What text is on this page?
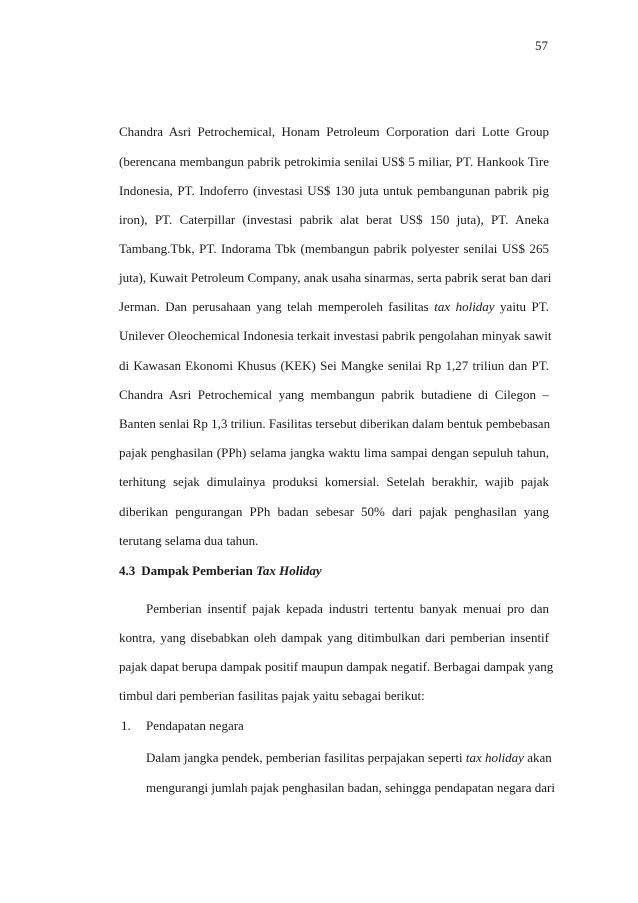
57
Chandra Asri Petrochemical, Honam Petroleum Corporation dari Lotte Group
(berencana membangun pabrik petrokimia senilai US$ 5 miliar, PT. Hankook Tire
Indonesia, PT. Indoferro (investasi US$ 130 juta untuk pembangunan pabrik pig
iron), PT. Caterpillar (investasi pabrik alat berat US$ 150 juta), PT. Aneka
Tambang.Tbk, PT. Indorama Tbk (membangun pabrik polyester senilai US$ 265
juta), Kuwait Petroleum Company, anak usaha sinarmas, serta pabrik serat ban dari
Jerman. Dan perusahaan yang telah memperoleh fasilitas tax holiday yaitu PT.
Unilever Oleochemical Indonesia terkait investasi pabrik pengolahan minyak sawit
di Kawasan Ekonomi Khusus (KEK) Sei Mangke senilai Rp 1,27 triliun dan PT.
Chandra Asri Petrochemical yang membangun pabrik butadiene di Cilegon –
Banten senlai Rp 1,3 triliun. Fasilitas tersebut diberikan dalam bentuk pembebasan
pajak penghasilan (PPh) selama jangka waktu lima sampai dengan sepuluh tahun,
terhitung sejak dimulainya produksi komersial. Setelah berakhir, wajib pajak
diberikan pengurangan PPh badan sebesar 50% dari pajak penghasilan yang
terutang selama dua tahun.
4.3 Dampak Pemberian Tax Holiday
Pemberian insentif pajak kepada industri tertentu banyak menuai pro dan
kontra, yang disebabkan oleh dampak yang ditimbulkan dari pemberian insentif
pajak dapat berupa dampak positif maupun dampak negatif. Berbagai dampak yang
timbul dari pemberian fasilitas pajak yaitu sebagai berikut:
1. Pendapatan negara
Dalam jangka pendek, pemberian fasilitas perpajakan seperti tax holiday akan
mengurangi jumlah pajak penghasilan badan, sehingga pendapatan negara dari
